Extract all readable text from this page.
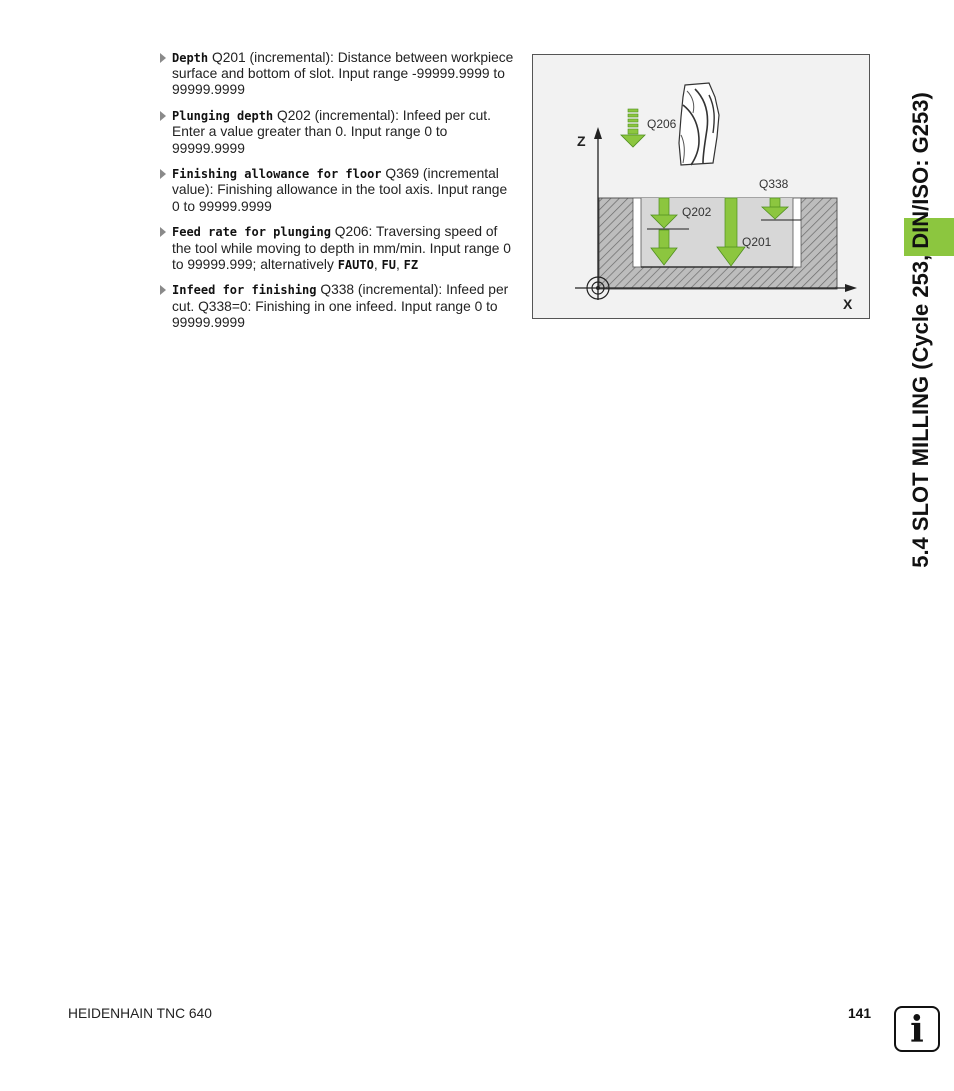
Depth Q201 (incremental): Distance between workpiece surface and bottom of slot. Input range -99999.9999 to 99999.9999
Plunging depth Q202 (incremental): Infeed per cut. Enter a value greater than 0. Input range 0 to 99999.9999
Finishing allowance for floor Q369 (incremental value): Finishing allowance in the tool axis. Input range 0 to 99999.9999
Feed rate for plunging Q206: Traversing speed of the tool while moving to depth in mm/min. Input range 0 to 99999.999; alternatively FAUTO, FU, FZ
Infeed for finishing Q338 (incremental): Infeed per cut. Q338=0: Finishing in one infeed. Input range 0 to 99999.9999
Z
X
Q206
Q338
Q202
Q201	5.4 SLOT MILLING (Cycle 253, DIN/ISO: G253)
HEIDENHAIN TNC 640	141	i
